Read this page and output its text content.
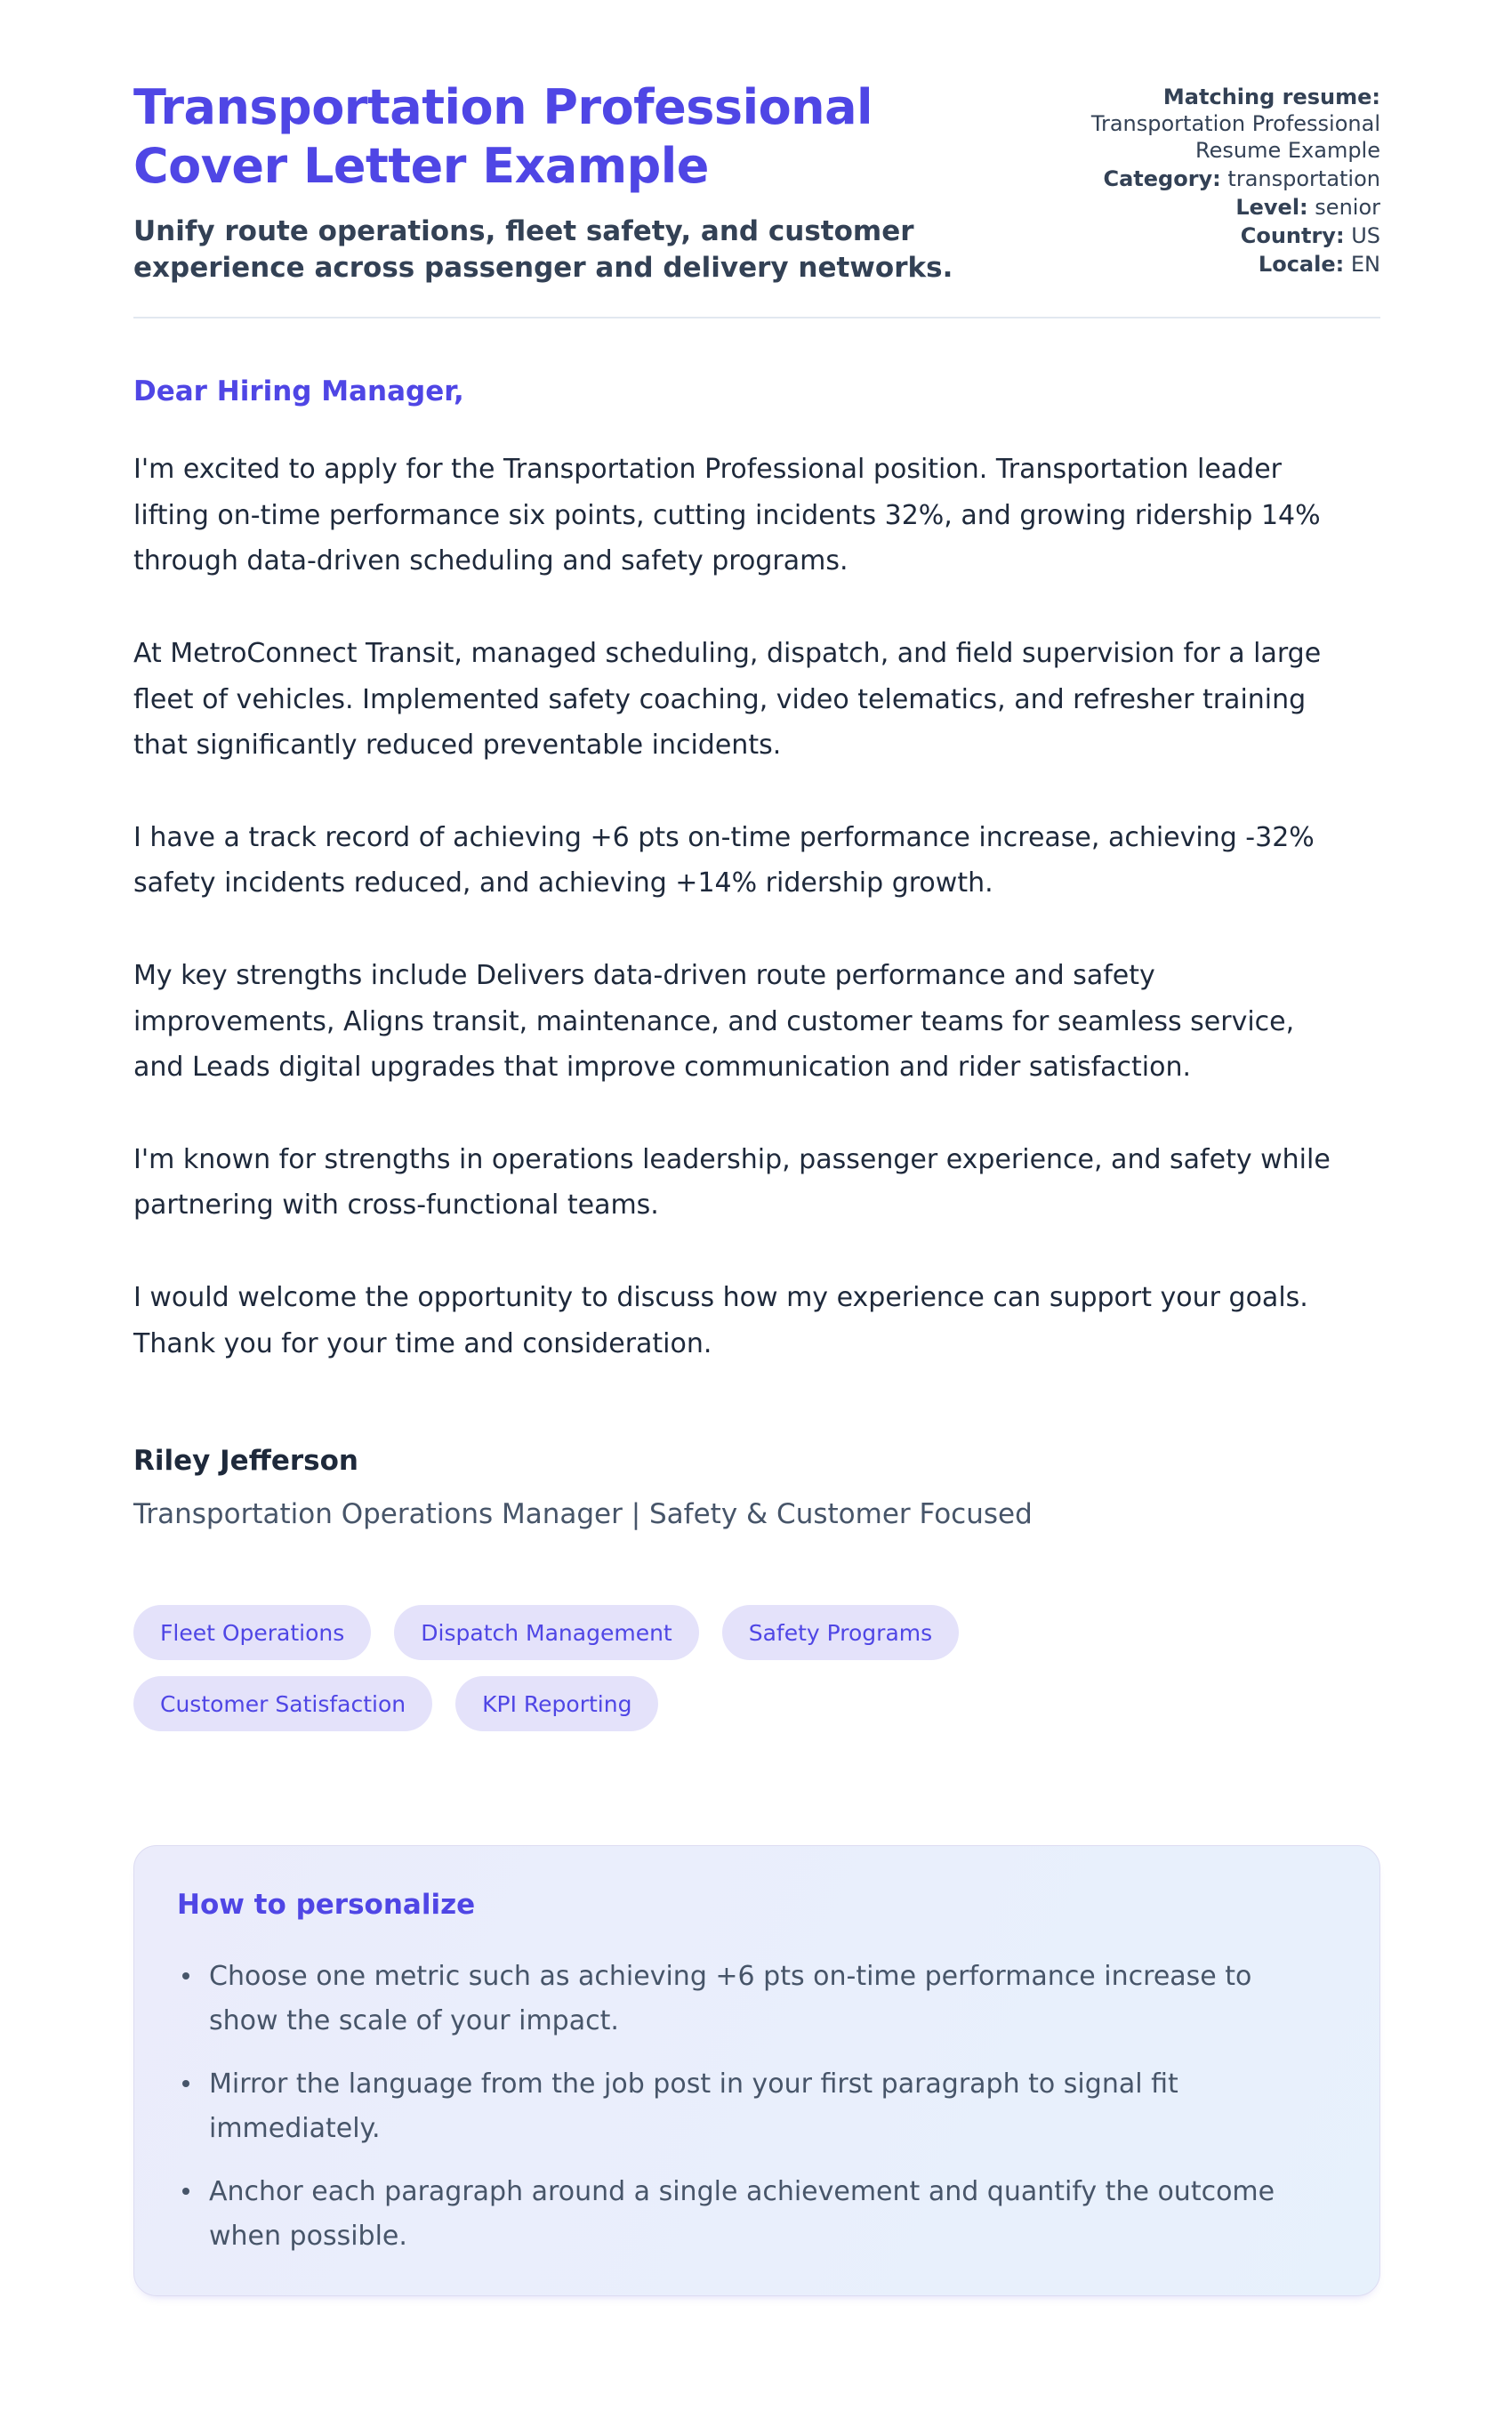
Transportation Professional Cover Letter Example
Unify route operations, fleet safety, and customer experience across passenger and delivery networks.
Matching resume: Transportation Professional Resume Example
Category: transportation
Level: senior
Country: US
Locale: EN
Dear Hiring Manager,

I'm excited to apply for the Transportation Professional position. Transportation leader lifting on-time performance six points, cutting incidents 32%, and growing ridership 14% through data-driven scheduling and safety programs.

At MetroConnect Transit, managed scheduling, dispatch, and field supervision for a large fleet of vehicles. Implemented safety coaching, video telematics, and refresher training that significantly reduced preventable incidents.

I have a track record of achieving +6 pts on-time performance increase, achieving -32% safety incidents reduced, and achieving +14% ridership growth.

My key strengths include Delivers data-driven route performance and safety improvements, Aligns transit, maintenance, and customer teams for seamless service, and Leads digital upgrades that improve communication and rider satisfaction.

I'm known for strengths in operations leadership, passenger experience, and safety while partnering with cross-functional teams.

I would welcome the opportunity to discuss how my experience can support your goals. Thank you for your time and consideration.

Riley Jefferson
Transportation Operations Manager | Safety & Customer Focused
Fleet Operations	Dispatch Management	Safety Programs
Customer Satisfaction	KPI Reporting
How to personalize
Choose one metric such as achieving +6 pts on-time performance increase to show the scale of your impact.
Mirror the language from the job post in your first paragraph to signal fit immediately.
Anchor each paragraph around a single achievement and quantify the outcome when possible.
